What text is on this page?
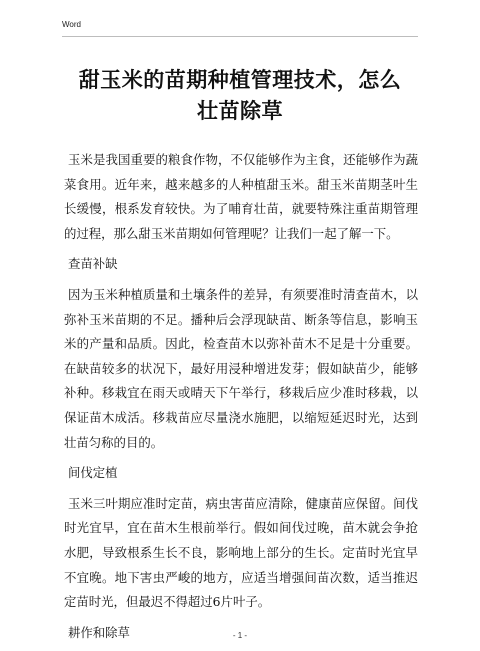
Word
甜玉米的苗期种植管理技术，怎么壮苗除草

玉米是我国重要的粮食作物，不仅能够作为主食，还能够作为蔬菜食用。近年来，越来越多的人种植甜玉米。甜玉米苗期茎叶生长缓慢，根系发育较快。为了哺育壮苗，就要特殊注重苗期管理的过程，那么甜玉米苗期如何管理呢？让我们一起了解一下。

查苗补缺

因为玉米种植质量和土壤条件的差异，有须要准时清查苗木，以弥补玉米苗期的不足。播种后会浮现缺苗、断条等信息，影响玉米的产量和品质。因此，检查苗木以弥补苗木不足是十分重要。在缺苗较多的状况下，最好用浸种增进发芽；假如缺苗少，能够补种。移栽宜在雨天或晴天下午举行，移栽后应少准时移栽，以保证苗木成活。移栽苗应尽量浇水施肥，以缩短延迟时光，达到壮苗匀称的目的。

间伐定植

玉米三叶期应准时定苗，病虫害苗应清除，健康苗应保留。间伐时光宜早，宜在苗木生根前举行。假如间伐过晚，苗木就会争抢水肥，导致根系生长不良，影响地上部分的生长。定苗时光宜早不宜晚。地下害虫严峻的地方，应适当增强间苗次数，适当推迟定苗时光，但最迟不得超过6片叶子。

耕作和除草	- 1 -
